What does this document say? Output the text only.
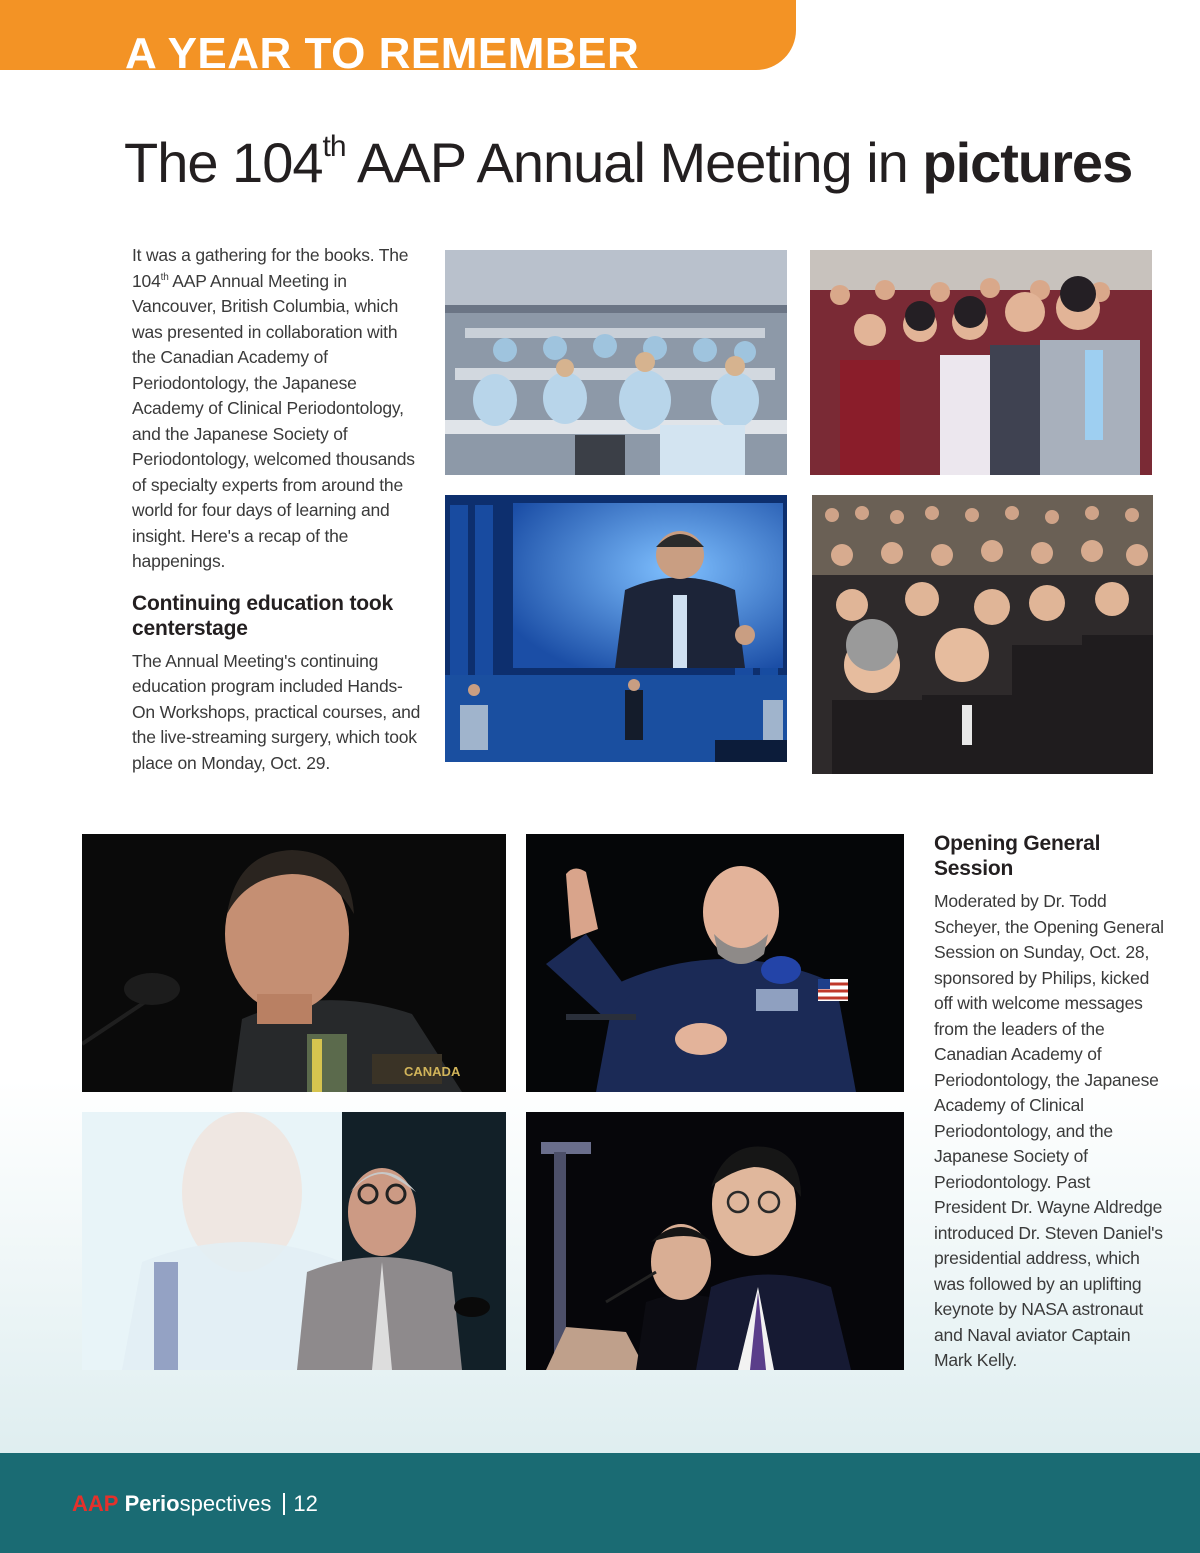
A YEAR TO REMEMBER
The 104th AAP Annual Meeting in pictures

It was a gathering for the books. The 104th AAP Annual Meeting in Vancouver, British Columbia, which was presented in collaboration with the Canadian Academy of Periodontology, the Japanese Academy of Clinical Periodontology, and the Japanese Society of Periodontology, welcomed thousands of specialty experts from around the world for four days of learning and insight. Here's a recap of the happenings.

Continuing education took centerstage

The Annual Meeting's continuing education program included Hands-On Workshops, practical courses, and the live-streaming surgery, which took place on Monday, Oct. 29.

CANADA
Opening General Session

Moderated by Dr. Todd Scheyer, the Opening General Session on Sunday, Oct. 28, sponsored by Philips, kicked off with welcome messages from the leaders of the Canadian Academy of Periodontology, the Japanese Academy of Clinical Periodontology, and the Japanese Society of Periodontology. Past President Dr. Wayne Aldredge introduced Dr. Steven Daniel's presidential address, which was followed by an uplifting keynote by NASA astronaut and Naval aviator Captain Mark Kelly.

AAP Periospectives 12
